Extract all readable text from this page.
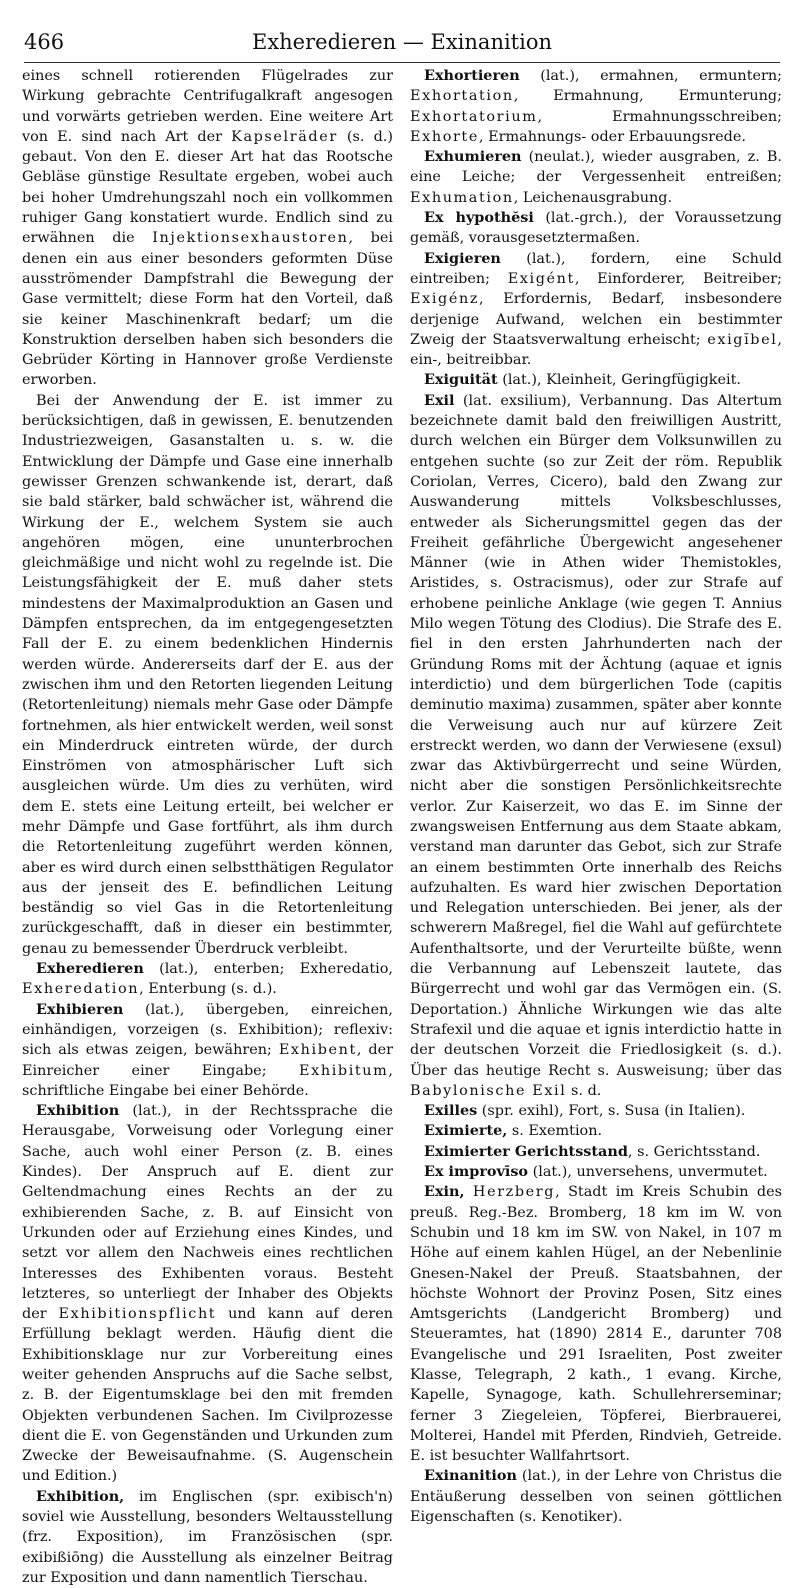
466	Exheredieren — Exinanition

eines schnell rotierenden Flügelrades zur Wirkung gebrachte Centrifugalkraft angesogen und vorwärts getrieben werden. Eine weitere Art von E. sind nach Art der Kapselräder (s. d.) gebaut. Von den E. dieser Art hat das Rootsche Gebläse günstige Resultate ergeben, wobei auch bei hoher Umdrehungszahl noch ein vollkommen ruhiger Gang konstatiert wurde. Endlich sind zu erwähnen die Injektionsexhaustoren, bei denen ein aus einer besonders geformten Düse ausströmender Dampfstrahl die Bewegung der Gase vermittelt; diese Form hat den Vorteil, daß sie keiner Maschinenkraft bedarf; um die Konstruktion derselben haben sich besonders die Gebrüder Körting in Hannover große Verdienste erworben.

Bei der Anwendung der E. ist immer zu berücksichtigen, daß in gewissen, E. benutzenden Industriezweigen, Gasanstalten u. s. w. die Entwicklung der Dämpfe und Gase eine innerhalb gewisser Grenzen schwankende ist, derart, daß sie bald stärker, bald schwächer ist, während die Wirkung der E., welchem System sie auch angehören mögen, eine ununterbrochen gleichmäßige und nicht wohl zu regelnde ist. Die Leistungsfähigkeit der E. muß daher stets mindestens der Maximalproduktion an Gasen und Dämpfen entsprechen, da im entgegengesetzten Fall der E. zu einem bedenklichen Hindernis werden würde. Andererseits darf der E. aus der zwischen ihm und den Retorten liegenden Leitung (Retortenleitung) niemals mehr Gase oder Dämpfe fortnehmen, als hier entwickelt werden, weil sonst ein Minderdruck eintreten würde, der durch Einströmen von atmosphärischer Luft sich ausgleichen würde. Um dies zu verhüten, wird dem E. stets eine Leitung erteilt, bei welcher er mehr Dämpfe und Gase fortführt, als ihm durch die Retortenleitung zugeführt werden können, aber es wird durch einen selbstthätigen Regulator aus der jenseit des E. befindlichen Leitung beständig so viel Gas in die Retortenleitung zurückgeschafft, daß in dieser ein bestimmter, genau zu bemessender Überdruck verbleibt.

Exheredieren (lat.), enterben; Exheredatio, Exheredation, Enterbung (s. d.).

Exhibieren (lat.), übergeben, einreichen, einhändigen, vorzeigen (s. Exhibition); reflexiv: sich als etwas zeigen, bewähren; Exhibent, der Einreicher einer Eingabe; Exhibitum, schriftliche Eingabe bei einer Behörde.

Exhibition (lat.), in der Rechtssprache die Herausgabe, Vorweisung oder Vorlegung einer Sache, auch wohl einer Person (z. B. eines Kindes). Der Anspruch auf E. dient zur Geltendmachung eines Rechts an der zu exhibierenden Sache, z. B. auf Einsicht von Urkunden oder auf Erziehung eines Kindes, und setzt vor allem den Nachweis eines rechtlichen Interesses des Exhibenten voraus. Besteht letzteres, so unterliegt der Inhaber des Objekts der Exhibitionspflicht und kann auf deren Erfüllung beklagt werden. Häufig dient die Exhibitionsklage nur zur Vorbereitung eines weiter gehenden Anspruchs auf die Sache selbst, z. B. der Eigentumsklage bei den mit fremden Objekten verbundenen Sachen. Im Civilprozesse dient die E. von Gegenständen und Urkunden zum Zwecke der Beweisaufnahme. (S. Augenschein und Edition.)

Exhibition, im Englischen (spr. exibisch'n) soviel wie Ausstellung, besonders Weltausstellung (frz. Exposition), im Französischen (spr. exibißiōng) die Ausstellung als einzelner Beitrag zur Exposition und dann namentlich Tierschau.

Exhortieren (lat.), ermahnen, ermuntern; Exhortation, Ermahnung, Ermunterung; Exhortatorium, Ermahnungsschreiben; Exhorte, Ermahnungs- oder Erbauungsrede.

Exhumieren (neulat.), wieder ausgraben, z. B. eine Leiche; der Vergessenheit entreißen; Exhumation, Leichenausgrabung.

Ex hypothĕsi (lat.-grch.), der Voraussetzung gemäß, vorausgesetztermaßen.

Exigieren (lat.), fordern, eine Schuld eintreiben; Exigént, Einforderer, Beitreiber; Exigénz, Erfordernis, Bedarf, insbesondere derjenige Aufwand, welchen ein bestimmter Zweig der Staatsverwaltung erheischt; exigĭbel, ein-, beitreibbar.

Exiguität (lat.), Kleinheit, Geringfügigkeit.

Exil (lat. exsilium), Verbannung. Das Altertum bezeichnete damit bald den freiwilligen Austritt, durch welchen ein Bürger dem Volksunwillen zu entgehen suchte (so zur Zeit der röm. Republik Coriolan, Verres, Cicero), bald den Zwang zur Auswanderung mittels Volksbeschlusses, entweder als Sicherungsmittel gegen das der Freiheit gefährliche Übergewicht angesehener Männer (wie in Athen wider Themistokles, Aristides, s. Ostracismus), oder zur Strafe auf erhobene peinliche Anklage (wie gegen T. Annius Milo wegen Tötung des Clodius). Die Strafe des E. fiel in den ersten Jahrhunderten nach der Gründung Roms mit der Ächtung (aquae et ignis interdictio) und dem bürgerlichen Tode (capitis deminutio maxima) zusammen, später aber konnte die Verweisung auch nur auf kürzere Zeit erstreckt werden, wo dann der Verwiesene (exsul) zwar das Aktivbürgerrecht und seine Würden, nicht aber die sonstigen Persönlichkeitsrechte verlor. Zur Kaiserzeit, wo das E. im Sinne der zwangsweisen Entfernung aus dem Staate abkam, verstand man darunter das Gebot, sich zur Strafe an einem bestimmten Orte innerhalb des Reichs aufzuhalten. Es ward hier zwischen Deportation und Relegation unterschieden. Bei jener, als der schwerern Maßregel, fiel die Wahl auf gefürchtete Aufenthaltsorte, und der Verurteilte büßte, wenn die Verbannung auf Lebenszeit lautete, das Bürgerrecht und wohl gar das Vermögen ein. (S. Deportation.) Ähnliche Wirkungen wie das alte Strafexil und die aquae et ignis interdictio hatte in der deutschen Vorzeit die Friedlosigkeit (s. d.). Über das heutige Recht s. Ausweisung; über das Babylonische Exil s. d.

Exilles (spr. exihl), Fort, s. Susa (in Italien).

Eximierte, s. Exemtion.

Eximierter Gerichtsstand, s. Gerichtsstand.

Ex improvīso (lat.), unversehens, unvermutet.

Exin, Herzberg, Stadt im Kreis Schubin des preuß. Reg.-Bez. Bromberg, 18 km im W. von Schubin und 18 km im SW. von Nakel, in 107 m Höhe auf einem kahlen Hügel, an der Nebenlinie Gnesen-Nakel der Preuß. Staatsbahnen, der höchste Wohnort der Provinz Posen, Sitz eines Amtsgerichts (Landgericht Bromberg) und Steueramtes, hat (1890) 2814 E., darunter 708 Evangelische und 291 Israeliten, Post zweiter Klasse, Telegraph, 2 kath., 1 evang. Kirche, Kapelle, Synagoge, kath. Schullehrerseminar; ferner 3 Ziegeleien, Töpferei, Bierbrauerei, Molterei, Handel mit Pferden, Rindvieh, Getreide. E. ist besuchter Wallfahrtsort.

Exinanition (lat.), in der Lehre von Christus die Entäußerung desselben von seinen göttlichen Eigenschaften (s. Kenotiker).
